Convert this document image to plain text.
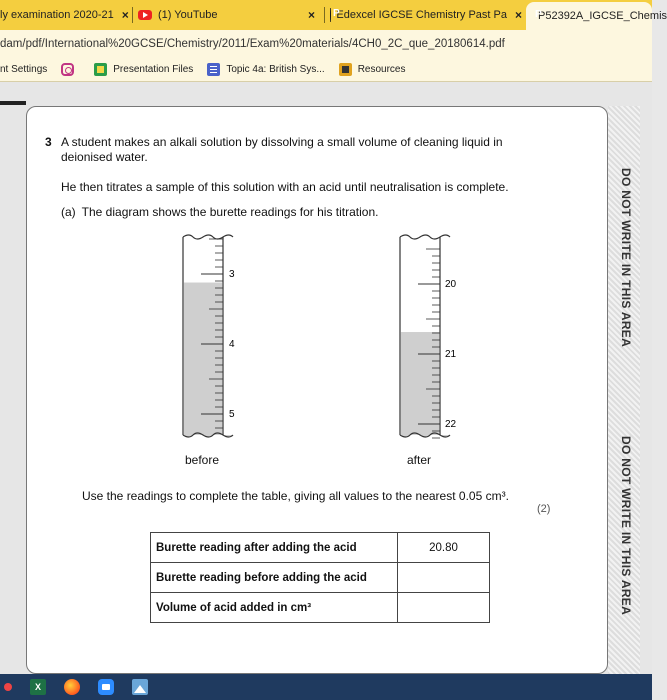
ly examination 2020-21 ×	(1) YouTube	× P Edexcel IGCSE Chemistry Past Pa × P52392A_IGCSE_Chemis
dam/pdf/International%20GCSE/Chemistry/2011/Exam%20materials/4CH0_2C_que_20180614.pdf
nt Settings	Presentation Files	Topic 4a: British Sys...	Resources
3 A student makes an alkali solution by dissolving a small volume of cleaning liquid in deionised water.
He then titrates a sample of this solution with an acid until neutralisation is complete.
(a) The diagram shows the burette readings for his titration.
3
4
5
20
21
22
before	after
Use the readings to complete the table, giving all values to the nearest 0.05 cm³.
(2)
Burette reading after adding the acid	20.80
Burette reading before adding the acid	
Volume of acid added in cm³	
DO NOT WRITE IN THIS AREA
DO NOT WRITE IN THIS AREA
X
